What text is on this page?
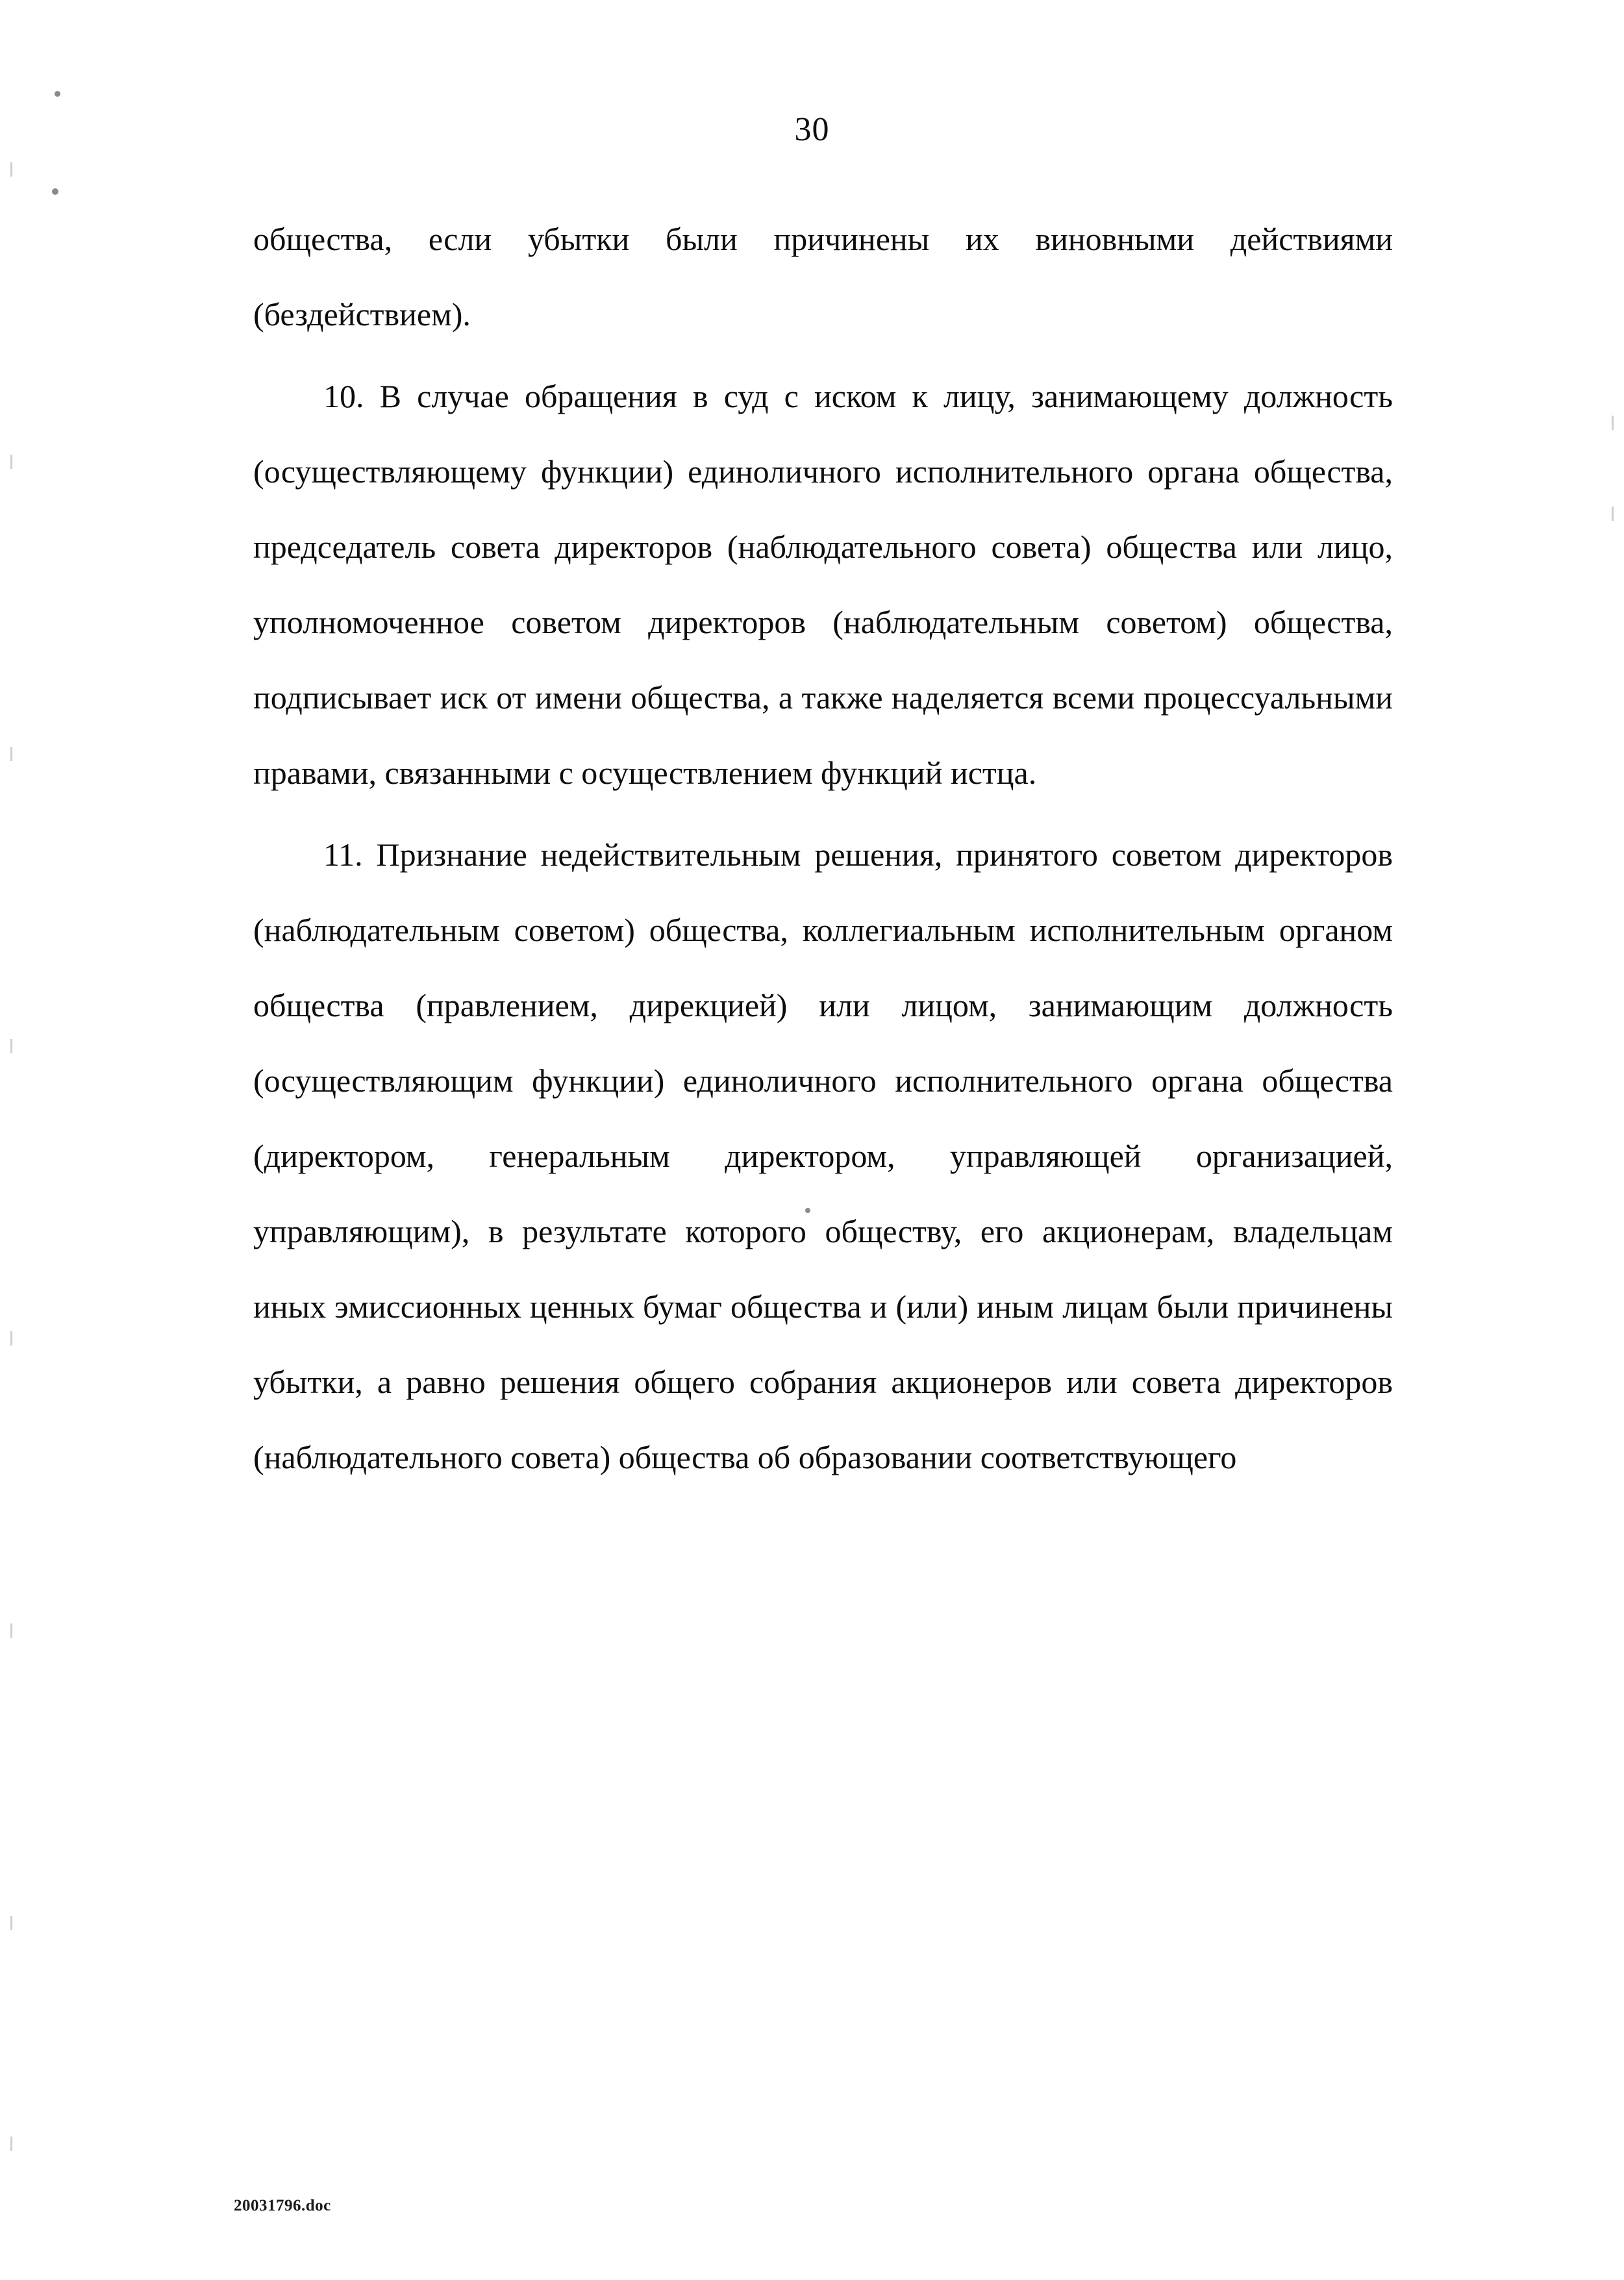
30

общества, если убытки были причинены их виновными действиями (бездействием).

10. В случае обращения в суд с иском к лицу, занимающему должность (осуществляющему функции) единоличного исполнительного органа общества, председатель совета директоров (наблюдательного совета) общества или лицо, уполномоченное советом директоров (наблюдательным советом) общества, подписывает иск от имени общества, а также наделяется всеми процессуальными правами, связанными с осуществлением функций истца.

11. Признание недействительным решения, принятого советом директоров (наблюдательным советом) общества, коллегиальным исполнительным органом общества (правлением, дирекцией) или лицом, занимающим должность (осуществляющим функции) единоличного исполнительного органа общества (директором, генеральным директором, управляющей организацией, управляющим), в результате которого обществу, его акционерам, владельцам иных эмиссионных ценных бумаг общества и (или) иным лицам были причинены убытки, а равно решения общего собрания акционеров или совета директоров (наблюдательного совета) общества об образовании соответствующего

20031796.doc
